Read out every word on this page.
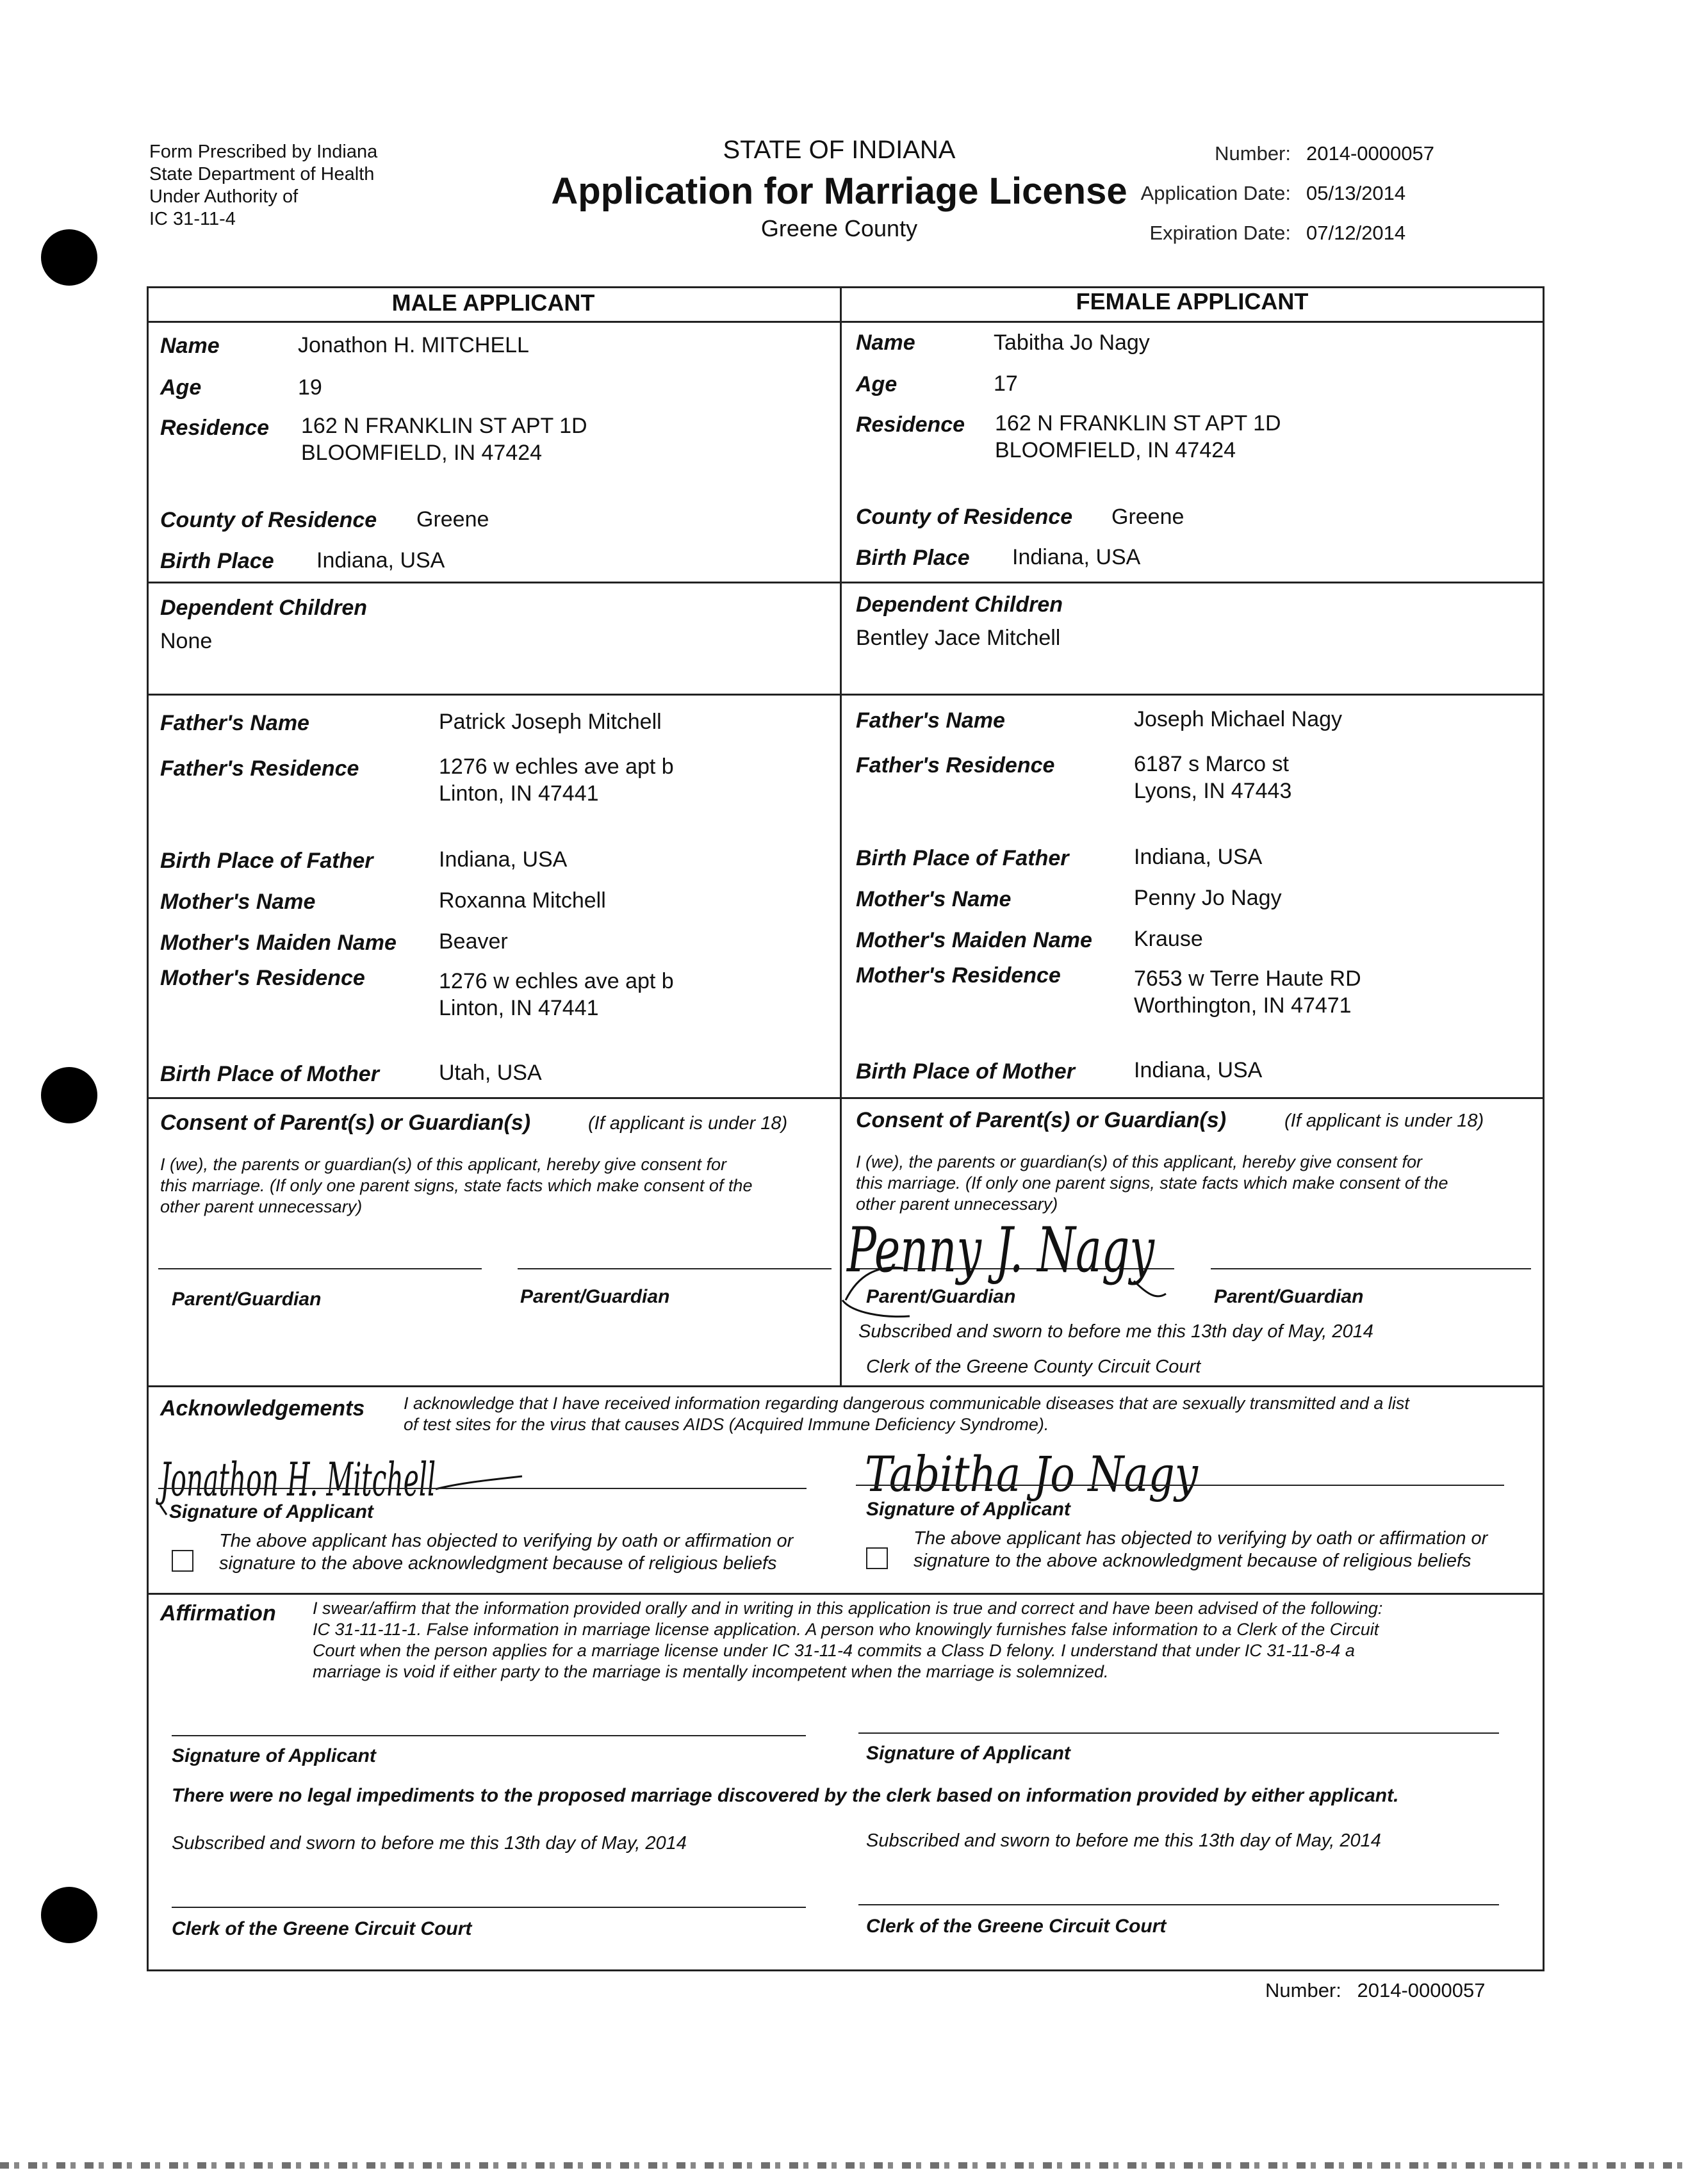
Form Prescribed by Indiana
State Department of Health
Under Authority of
IC 31-11-4
STATE OF INDIANA
Application for Marriage License
Greene County
Number: 2014-0000057
Application Date: 05/13/2014
Expiration Date: 07/12/2014
MALE APPLICANT	FEMALE APPLICANT
Name	Jonathon H. MITCHELL
Age	19
Residence 162 N FRANKLIN ST APT 1D
BLOOMFIELD, IN 47424
County of Residence Greene
Birth Place Indiana, USA
Name	Tabitha Jo Nagy
Age	17
Residence 162 N FRANKLIN ST APT 1D
BLOOMFIELD, IN 47424
County of Residence Greene
Birth Place Indiana, USA
Dependent Children
None
Dependent Children
Bentley Jace Mitchell
Father's Name	Patrick Joseph Mitchell
Father's Residence	1276 w echles ave apt b
Linton, IN 47441
Birth Place of Father	Indiana, USA
Mother's Name	Roxanna Mitchell
Mother's Maiden Name Beaver
Mother's Residence	1276 w echles ave apt b
Linton, IN 47441
Birth Place of Mother	Utah, USA
Father's Name	Joseph Michael Nagy
Father's Residence	6187 s Marco st
Lyons, IN 47443
Birth Place of Father	Indiana, USA
Mother's Name	Penny Jo Nagy
Mother's Maiden Name Krause
Mother's Residence	7653 w Terre Haute RD
Worthington, IN 47471
Birth Place of Mother	Indiana, USA
Consent of Parent(s) or Guardian(s)	(If applicant is under 18)
I (we), the parents or guardian(s) of this applicant, hereby give consent for
this marriage. (If only one parent signs, state facts which make consent of the
other parent unnecessary)
Parent/Guardian	Parent/Guardian
Consent of Parent(s) or Guardian(s)	(If applicant is under 18)
I (we), the parents or guardian(s) of this applicant, hereby give consent for
this marriage. (If only one parent signs, state facts which make consent of the
other parent unnecessary)
Penny J. Nagy
Parent/Guardian	Parent/Guardian
Subscribed and sworn to before me this 13th day of May, 2014
Clerk of the Greene County Circuit Court
Acknowledgements I acknowledge that I have received information regarding dangerous communicable diseases that are sexually transmitted and a list
of test sites for the virus that causes AIDS (Acquired Immune Deficiency Syndrome).
Jonathon H. Mitchell
Signature of Applicant
The above applicant has objected to verifying by oath or affirmation or
signature to the above acknowledgment because of religious beliefs
Tabitha Jo Nagy
Signature of Applicant
The above applicant has objected to verifying by oath or affirmation or
signature to the above acknowledgment because of religious beliefs
Affirmation I swear/affirm that the information provided orally and in writing in this application is true and correct and have been advised of the following:
IC 31-11-11-1. False information in marriage license application. A person who knowingly furnishes false information to a Clerk of the Circuit
Court when the person applies for a marriage license under IC 31-11-4 commits a Class D felony. I understand that under IC 31-11-8-4 a
marriage is void if either party to the marriage is mentally incompetent when the marriage is solemnized.
Signature of Applicant	Signature of Applicant
There were no legal impediments to the proposed marriage discovered by the clerk based on information provided by either applicant.
Subscribed and sworn to before me this 13th day of May, 2014	Subscribed and sworn to before me this 13th day of May, 2014
Clerk of the Greene Circuit Court	Clerk of the Greene Circuit Court
Number: 2014-0000057
